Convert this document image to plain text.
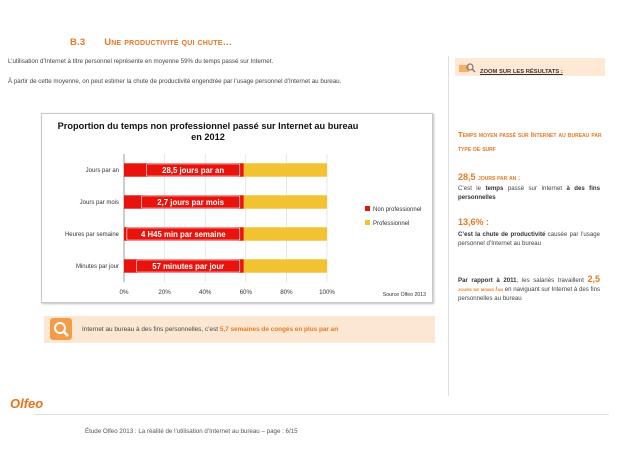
B.3 Une productivité qui chute…
L’utilisation d’Internet à titre personnel représente en moyenne 59% du temps passé sur Internet.
À partir de cette moyenne, on peut estimer la chute de productivité engendrée par l’usage personnel d’Internet au bureau.
Proportion du temps non professionnel passé sur Internet au bureau
en 2012
0%	20%	40%	60%	80%	100%
Jours par an	28,5 jours par an
Jours par mois	2,7 jours par mois
Heures par semaine	4 H45 min par semaine
Minutes par jour	57 minutes par jour
Non professionnel
Professionnel
Source Olfeo 2013
Internet au bureau à des fins personnelles, c’est 5,7 semaines de congés en plus par an
ZOOM SUR LES RÉSULTATS :
Temps moyen passé sur Internet au bureau par type de surf
28,5 jours par an :
C’est le temps passé sur Internet à des fins personnelles
13,6% :
C’est la chute de productivité causée par l’usage personnel d’Internet au bureau
Par rapport à 2011, les salariés travaillent 2,5 jours de moins /an en naviguant sur Internet à des fins personnelles au bureau
Olfeo
Étude Olfeo 2013 : La réalité de l’utilisation d’Internet au bureau – page : 6/15
